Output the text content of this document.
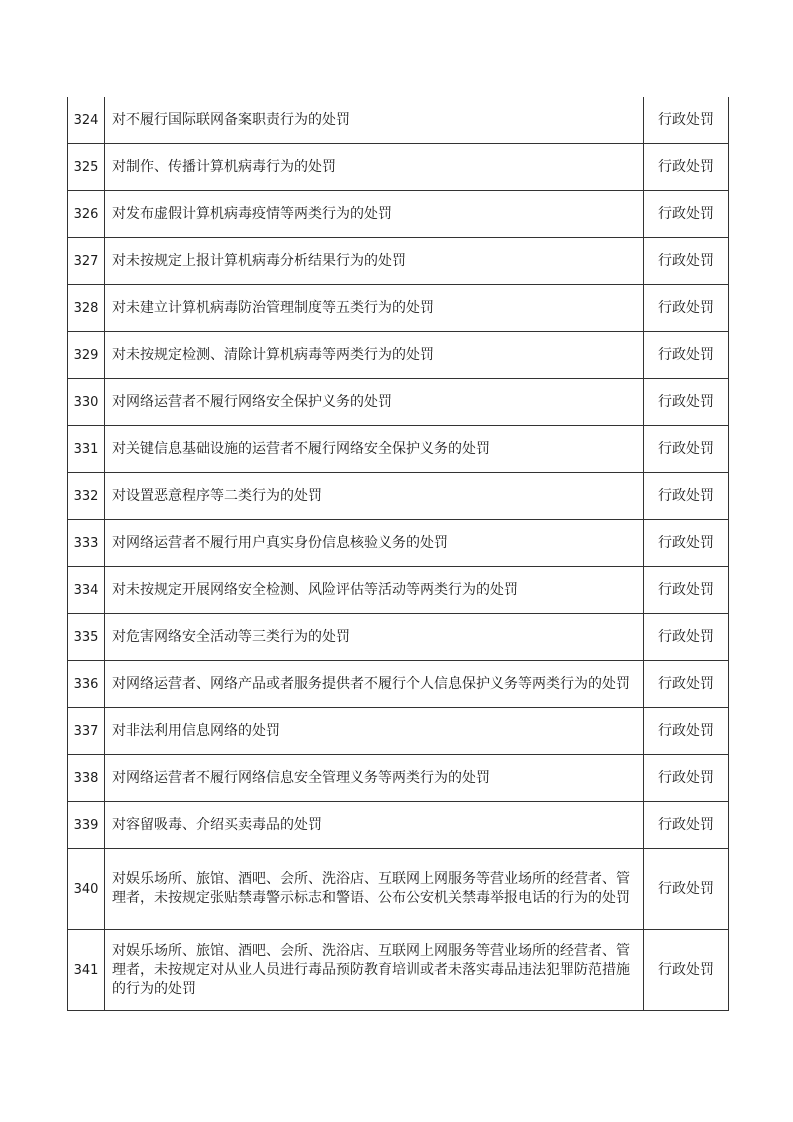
324	对不履行国际联网备案职责行为的处罚	行政处罚
325	对制作、传播计算机病毒行为的处罚	行政处罚
326	对发布虚假计算机病毒疫情等两类行为的处罚	行政处罚
327	对未按规定上报计算机病毒分析结果行为的处罚	行政处罚
328	对未建立计算机病毒防治管理制度等五类行为的处罚	行政处罚
329	对未按规定检测、清除计算机病毒等两类行为的处罚	行政处罚
330	对网络运营者不履行网络安全保护义务的处罚	行政处罚
331	对关键信息基础设施的运营者不履行网络安全保护义务的处罚	行政处罚
332	对设置恶意程序等二类行为的处罚	行政处罚
333	对网络运营者不履行用户真实身份信息核验义务的处罚	行政处罚
334	对未按规定开展网络安全检测、风险评估等活动等两类行为的处罚	行政处罚
335	对危害网络安全活动等三类行为的处罚	行政处罚
336	对网络运营者、网络产品或者服务提供者不履行个人信息保护义务等两类行为的处罚	行政处罚
337	对非法利用信息网络的处罚	行政处罚
338	对网络运营者不履行网络信息安全管理义务等两类行为的处罚	行政处罚
339	对容留吸毒、介绍买卖毒品的处罚	行政处罚
340	对娱乐场所、旅馆、酒吧、会所、洗浴店、互联网上网服务等营业场所的经营者、管理者，未按规定张贴禁毒警示标志和警语、公布公安机关禁毒举报电话的行为的处罚	行政处罚
341	对娱乐场所、旅馆、酒吧、会所、洗浴店、互联网上网服务等营业场所的经营者、管理者，未按规定对从业人员进行毒品预防教育培训或者未落实毒品违法犯罪防范措施的行为的处罚	行政处罚
